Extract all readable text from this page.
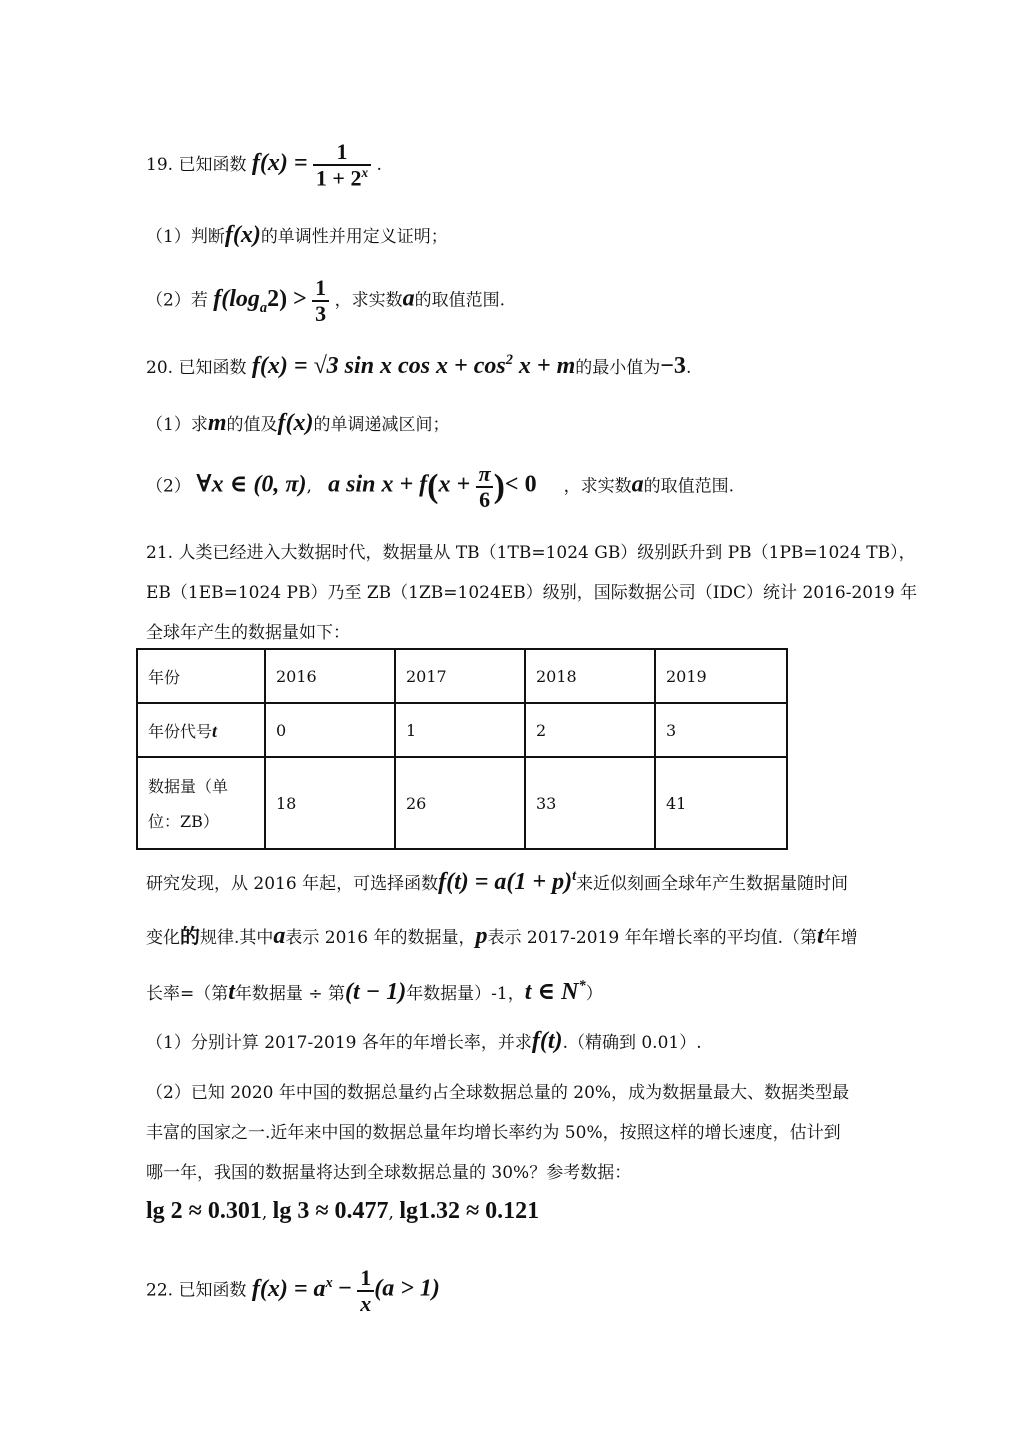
19. 已知函数 $f(x) = \frac{1}{1 + 2^x}$ .
（1）判断f(x)的单调性并用定义证明；
（2）若 $f(\log_a2) > \frac{1}{3}$ ，求实数a的取值范围.
20. 已知函数 f(x) = √3 sin x $\cos x + \cos^2 x + m$的最小值为−3.
（1）求m的值及f(x)的单调递减区间；
（2） ∀x ∈ (0, π), a $\sin x + f(x + \frac{\pi}{6}$ )< 0 ，求实数a的取值范围.
21. 人类已经进入大数据时代，数据量从 TB（1TB=1024 GB）级别跃升到 PB（1PB=1024 TB），
EB（1EB=1024 PB）乃至 ZB（1ZB=1024EB）级别，国际数据公司（IDC）统计 2016-2019 年
全球年产生的数据量如下：
年份	2016	2017	2018	2019
年份代号t	0	1	2	3

数据量（单
位：ZB）	18	26	33	41
研究发现，从 2016 年起，可选择函数$f(t) = a(1 + p)^t$来近似刻画全球年产生数据量随时间
变化的规律.其中a表示 2016 年的数据量，p表示 2017-2019 年年增长率的平均值.（第t年增
长率=（第t年数据量 ÷ 第(t − 1)年数据量）-1，t ∈ N*）
（1）分别计算 2017-2019 各年的年增长率，并求f(t).（精确到 0.01）.
（2）已知 2020 年中国的数据总量约占全球数据总量的 20%，成为数据量最大、数据类型最
丰富的国家之一.近年来中国的数据总量年均增长率约为 50%，按照这样的增长速度，估计到
哪一年，我国的数据量将达到全球数据总量的 30%？参考数据：
lg 2 ≈ 0.301, lg 3 ≈ 0.477, lg1.32 ≈ 0.121
22. 已知函数 $f(x) = a^x - \frac{1}{x} (a > 1)$
